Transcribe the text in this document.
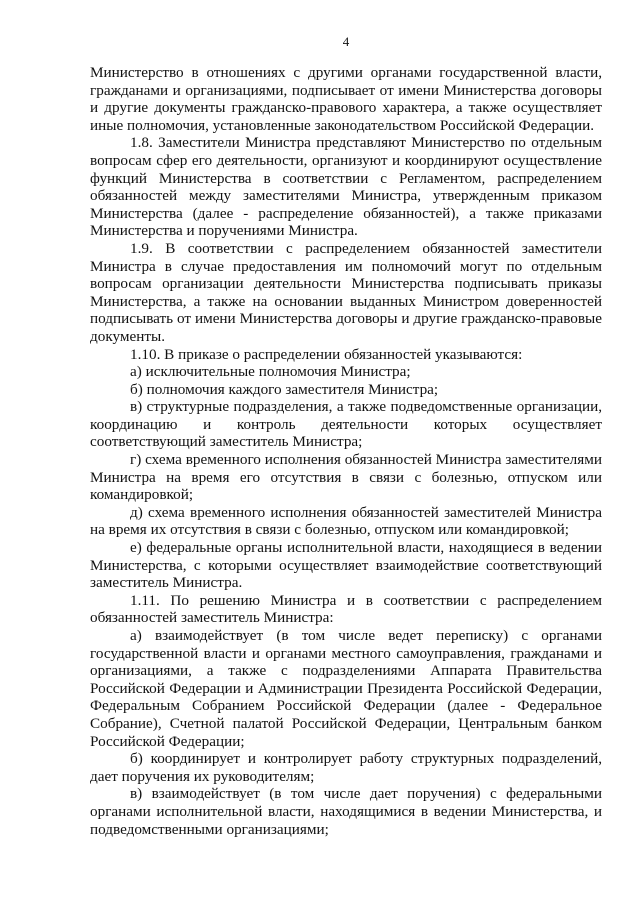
4

Министерство в отношениях с другими органами государственной власти, гражданами и организациями, подписывает от имени Министерства договоры и другие документы гражданско-правового характера, а также осуществляет иные полномочия, установленные законодательством Российской Федерации.

1.8. Заместители Министра представляют Министерство по отдельным вопросам сфер его деятельности, организуют и координируют осуществление функций Министерства в соответствии с Регламентом, распределением обязанностей между заместителями Министра, утвержденным приказом Министерства (далее - распределение обязанностей), а также приказами Министерства и поручениями Министра.

1.9. В соответствии с распределением обязанностей заместители Министра в случае предоставления им полномочий могут по отдельным вопросам организации деятельности Министерства подписывать приказы Министерства, а также на основании выданных Министром доверенностей подписывать от имени Министерства договоры и другие гражданско-правовые документы.

1.10. В приказе о распределении обязанностей указываются:

а) исключительные полномочия Министра;

б) полномочия каждого заместителя Министра;

в) структурные подразделения, а также подведомственные организации, координацию и контроль деятельности которых осуществляет соответствующий заместитель Министра;

г) схема временного исполнения обязанностей Министра заместителями Министра на время его отсутствия в связи с болезнью, отпуском или командировкой;

д) схема временного исполнения обязанностей заместителей Министра на время их отсутствия в связи с болезнью, отпуском или командировкой;

е) федеральные органы исполнительной власти, находящиеся в ведении Министерства, с которыми осуществляет взаимодействие соответствующий заместитель Министра.

1.11. По решению Министра и в соответствии с распределением обязанностей заместитель Министра:

а) взаимодействует (в том числе ведет переписку) с органами государственной власти и органами местного самоуправления, гражданами и организациями, а также с подразделениями Аппарата Правительства Российской Федерации и Администрации Президента Российской Федерации, Федеральным Собранием Российской Федерации (далее - Федеральное Собрание), Счетной палатой Российской Федерации, Центральным банком Российской Федерации;

б) координирует и контролирует работу структурных подразделений, дает поручения их руководителям;

в) взаимодействует (в том числе дает поручения) с федеральными органами исполнительной власти, находящимися в ведении Министерства, и подведомственными организациями;
